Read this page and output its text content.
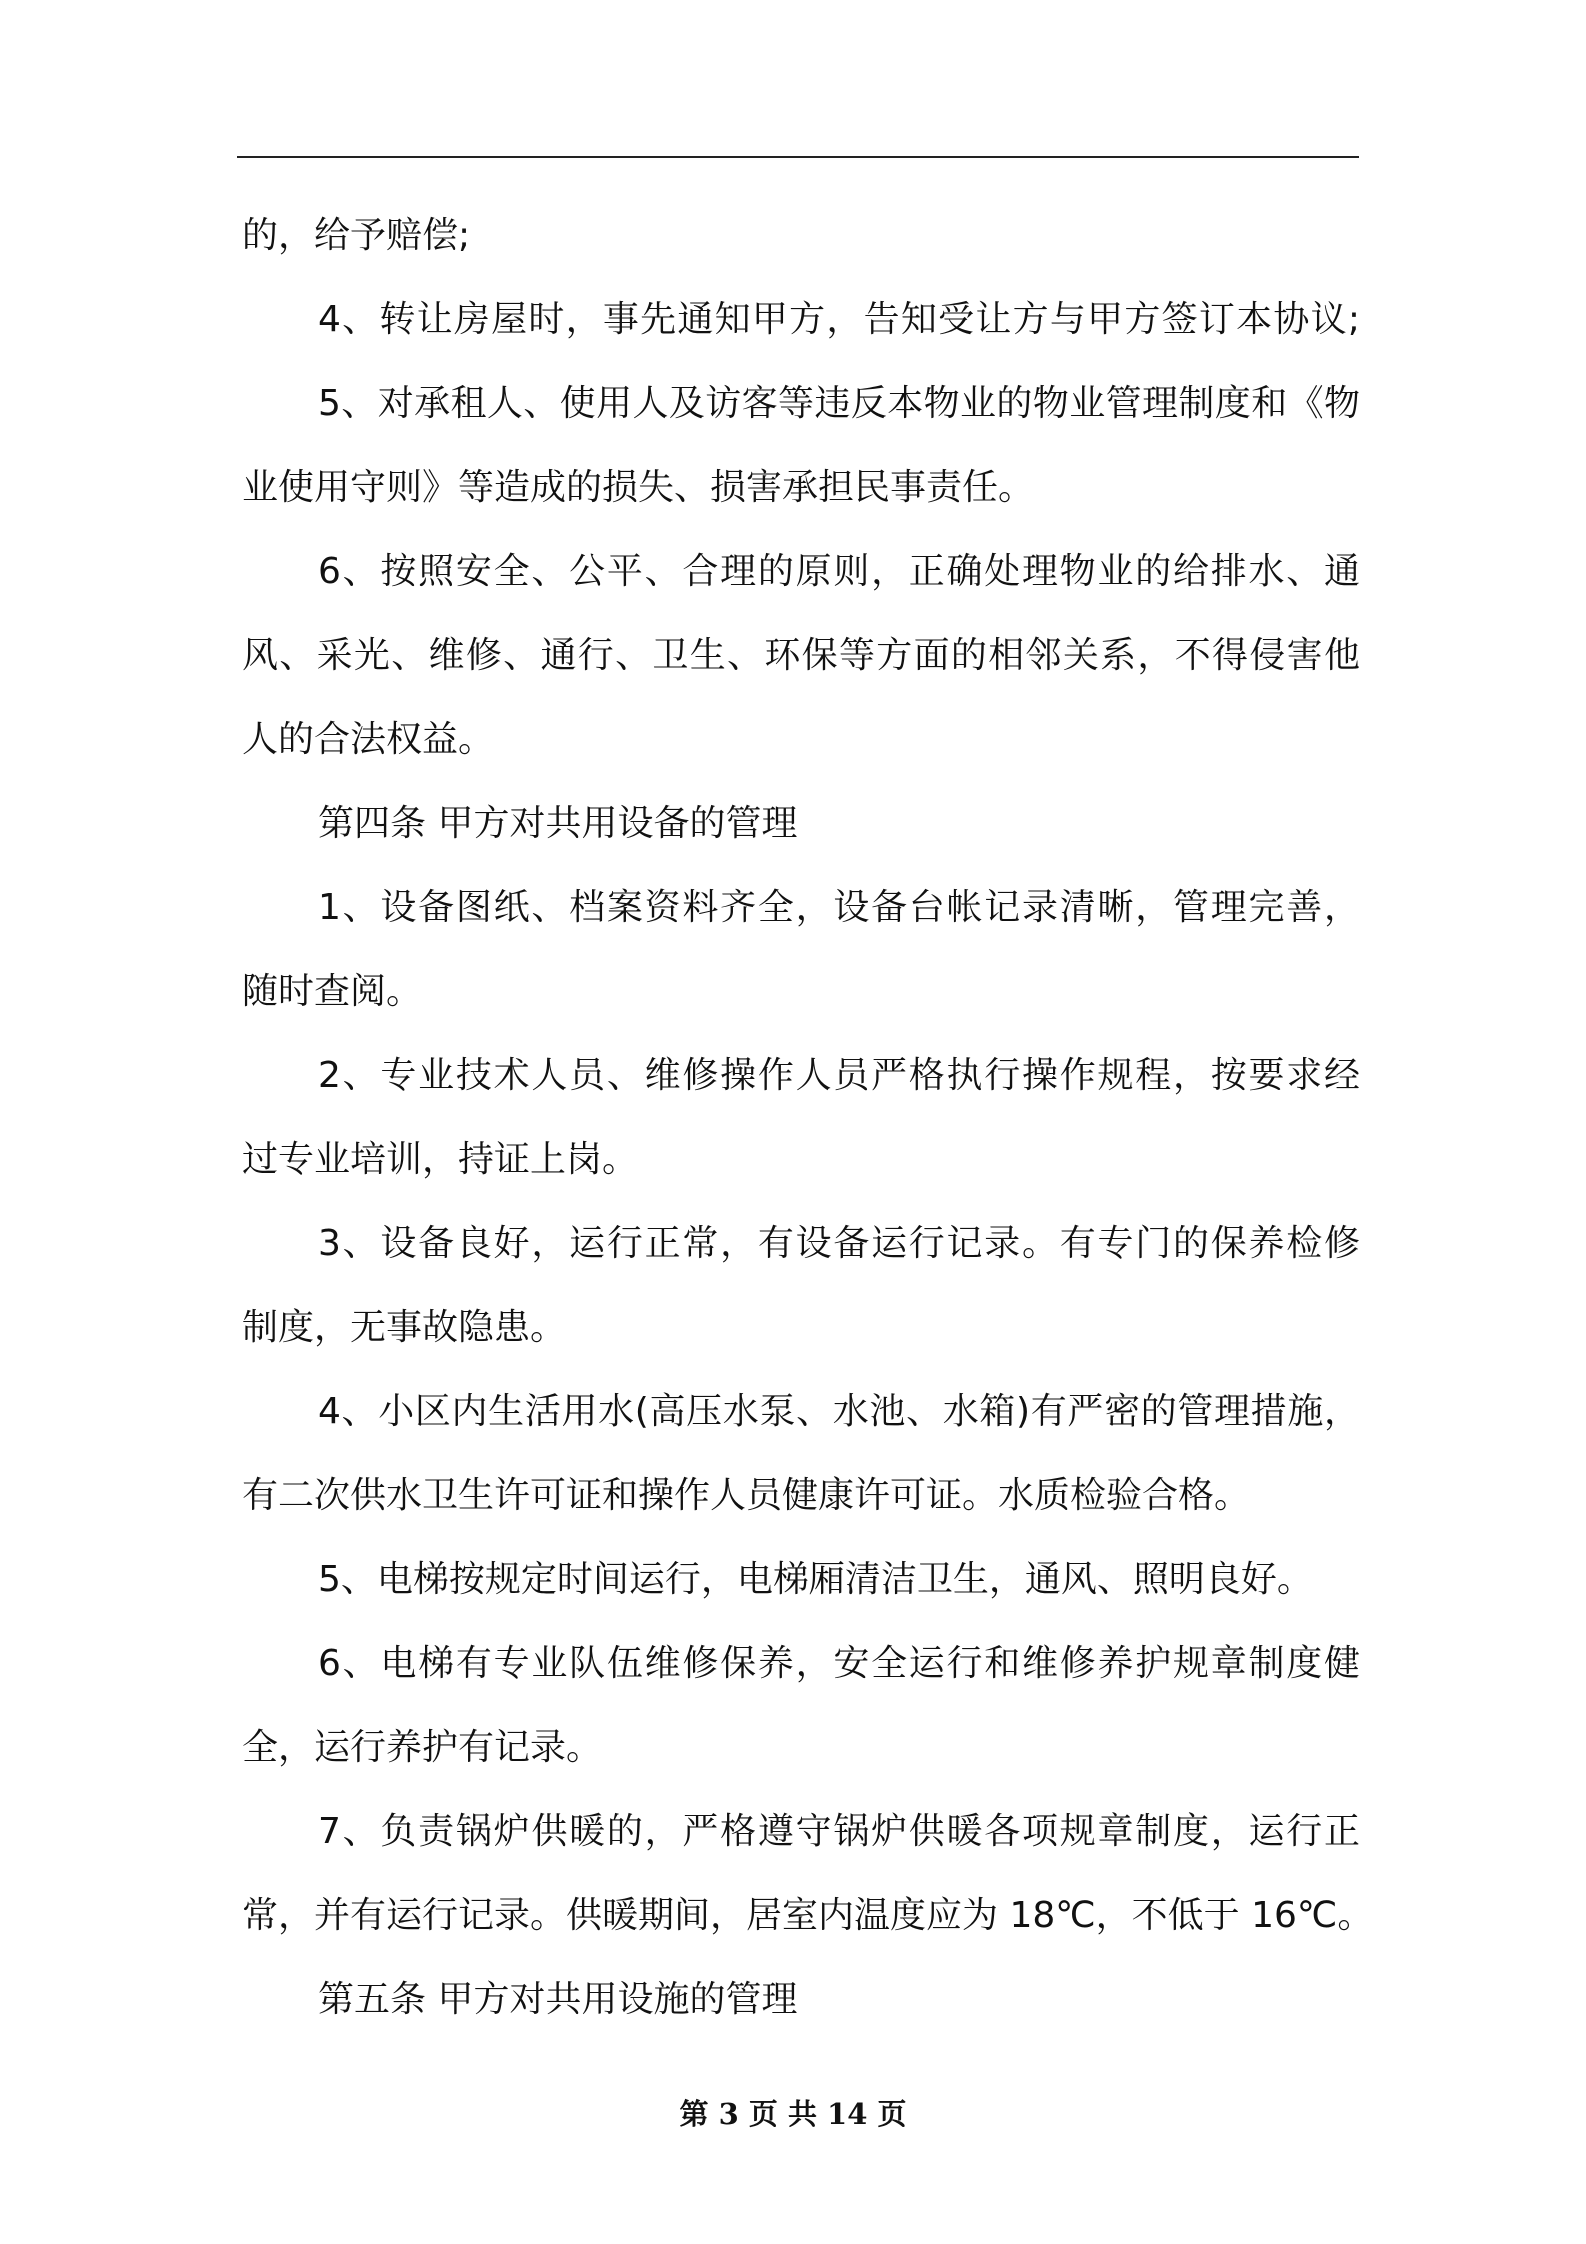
的，给予赔偿;
4、转让房屋时，事先通知甲方，告知受让方与甲方签订本协议;
5、对承租人、使用人及访客等违反本物业的物业管理制度和《物
业使用守则》等造成的损失、损害承担民事责任。
6、按照安全、公平、合理的原则，正确处理物业的给排水、通
风、采光、维修、通行、卫生、环保等方面的相邻关系，不得侵害他
人的合法权益。
第四条 甲方对共用设备的管理
1、设备图纸、档案资料齐全，设备台帐记录清晰，管理完善，
随时查阅。
2、专业技术人员、维修操作人员严格执行操作规程，按要求经
过专业培训，持证上岗。
3、设备良好，运行正常，有设备运行记录。有专门的保养检修
制度，无事故隐患。
4、小区内生活用水(高压水泵、水池、水箱)有严密的管理措施，
有二次供水卫生许可证和操作人员健康许可证。水质检验合格。
5、电梯按规定时间运行，电梯厢清洁卫生，通风、照明良好。
6、电梯有专业队伍维修保养，安全运行和维修养护规章制度健
全，运行养护有记录。
7、负责锅炉供暖的，严格遵守锅炉供暖各项规章制度，运行正
常，并有运行记录。供暖期间，居室内温度应为 18℃，不低于 16℃。
第五条 甲方对共用设施的管理
第 3 页 共 14 页
